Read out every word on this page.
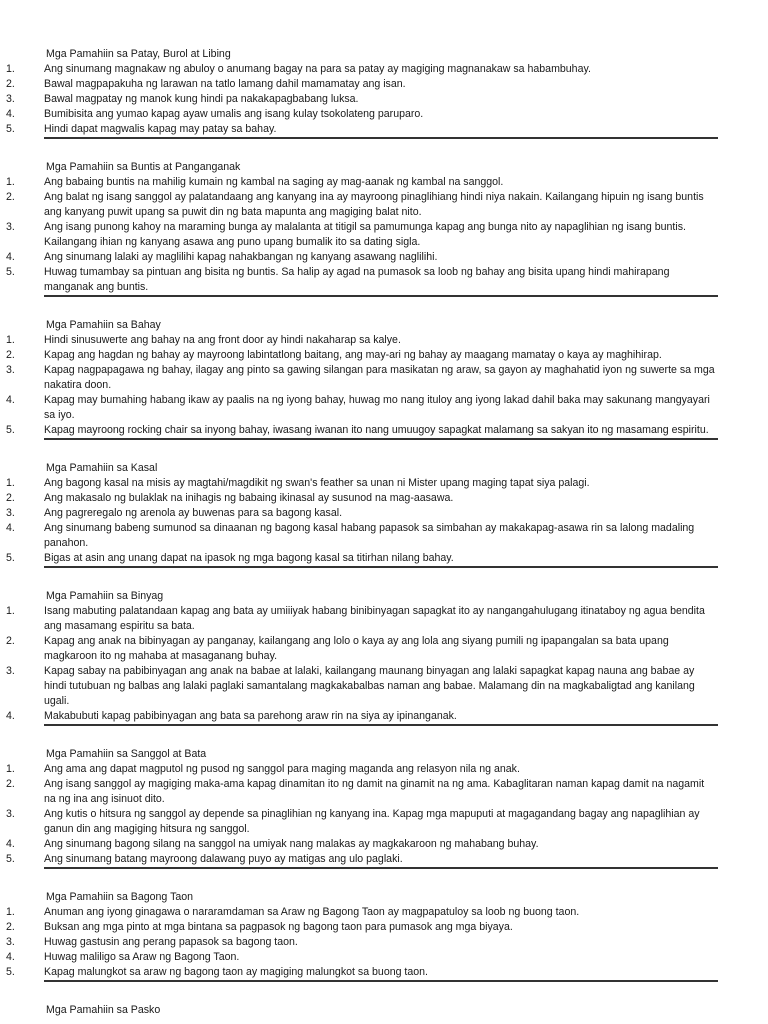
Mga Pamahiin sa Patay, Burol at Libing
1.	Ang sinumang magnakaw ng abuloy o anumang bagay na para sa patay ay magiging magnanakaw sa habambuhay.
2.	Bawal magpapakuha ng larawan na tatlo lamang dahil mamamatay ang isan.
3.	Bawal magpatay ng manok kung hindi pa nakakapagbabang luksa.
4.	Bumibisita ang yumao kapag ayaw umalis ang isang kulay tsokolateng paruparo.
5.	Hindi dapat magwalis kapag may patay sa bahay.
Mga Pamahiin sa Buntis at Panganganak
1.	Ang babaing buntis na mahilig kumain ng kambal na saging ay mag-aanak ng kambal na sanggol.
2.	Ang balat ng isang sanggol ay palatandaang ang kanyang ina ay mayroong pinaglihiang hindi niya nakain. Kailangang hipuin ng isang buntis ang kanyang puwit upang sa puwit din ng bata mapunta ang magiging balat nito.
3.	Ang isang punong kahoy na maraming bunga ay malalanta at titigil sa pamumunga kapag ang bunga nito ay napaglihian ng isang buntis. Kailangang ihian ng kanyang asawa ang puno upang bumalik ito sa dating sigla.
4.	Ang sinumang lalaki ay maglilihi kapag nahakbangan ng kanyang asawang naglilihi.
5.	Huwag tumambay sa pintuan ang bisita ng buntis. Sa halip ay agad na pumasok sa loob ng bahay ang bisita upang hindi mahirapang manganak ang buntis.
Mga Pamahiin sa Bahay
1.	Hindi sinusuwerte ang bahay na ang front door ay hindi nakaharap sa kalye.
2.	Kapag ang hagdan ng bahay ay mayroong labintatlong baitang, ang may-ari ng bahay ay maagang mamatay o kaya ay maghihirap.
3.	Kapag nagpapagawa ng bahay, ilagay ang pinto sa gawing silangan para masikatan ng araw, sa gayon ay maghahatid iyon ng suwerte sa mga nakatira doon.
4.	Kapag may bumahing habang ikaw ay paalis na ng iyong bahay, huwag mo nang ituloy ang iyong lakad dahil baka may sakunang mangyayari sa iyo.
5.	Kapag mayroong rocking chair sa inyong bahay, iwasang iwanan ito nang umuugoy sapagkat malamang sa sakyan ito ng masamang espiritu.
Mga Pamahiin sa Kasal
1.	Ang bagong kasal na misis ay magtahi/magdikit ng swan's feather sa unan ni Mister upang maging tapat siya palagi.
2.	Ang makasalo ng bulaklak na inihagis ng babaing ikinasal ay susunod na mag-aasawa.
3.	Ang pagreregalo ng arenola ay buwenas para sa bagong kasal.
4.	Ang sinumang babeng sumunod sa dinaanan ng bagong kasal habang papasok sa simbahan ay makakapag-asawa rin sa lalong madaling panahon.
5.	Bigas at asin ang unang dapat na ipasok ng mga bagong kasal sa titirhan nilang bahay.
Mga Pamahiin sa Binyag
1.	Isang mabuting palatandaan kapag ang bata ay umiiiyak habang binibinyagan sapagkat ito ay nangangahulugang itinataboy ng agua bendita ang masamang espiritu sa bata.
2.	Kapag ang anak na bibinyagan ay panganay, kailangang ang lolo o kaya ay ang lola ang siyang pumili ng ipapangalan sa bata upang magkaroon ito ng mahaba at masaganang buhay.
3.	Kapag sabay na pabibinyagan ang anak na babae at lalaki, kailangang maunang binyagan ang lalaki sapagkat kapag nauna ang babae ay hindi tutubuan ng balbas ang lalaki paglaki samantalang magkakabalbas naman ang babae. Malamang din na magkabaligtad ang kanilang ugali.
4.	Makabubuti kapag pabibinyagan ang bata sa parehong araw rin na siya ay ipinanganak.
Mga Pamahiin sa Sanggol at Bata
1.	Ang ama ang dapat magputol ng pusod ng sanggol para maging maganda ang relasyon nila ng anak.
2.	Ang isang sanggol ay magiging maka-ama kapag dinamitan ito ng damit na ginamit na ng ama. Kabaglitaran naman kapag damit na nagamit na ng ina ang isinuot dito.
3.	Ang kutis o hitsura ng sanggol ay depende sa pinaglihian ng kanyang ina. Kapag mga mapuputi at magagandang bagay ang napaglihian ay ganun din ang magiging hitsura ng sanggol.
4.	Ang sinumang bagong silang na sanggol na umiyak nang malakas ay magkakaroon ng mahabang buhay.
5.	Ang sinumang batang mayroong dalawang puyo ay matigas ang ulo paglaki.
Mga Pamahiin sa Bagong Taon
1.	Anuman ang iyong ginagawa o nararamdaman sa Araw ng Bagong Taon ay magpapatuloy sa loob ng buong taon.
2.	Buksan ang mga pinto at mga bintana sa pagpasok ng bagong taon para pumasok ang mga biyaya.
3.	Huwag gastusin ang perang papasok sa bagong taon.
4.	Huwag maliligo sa Araw ng Bagong Taon.
5.	Kapag malungkot sa araw ng bagong taon ay magiging malungkot sa buong taon.
Mga Pamahiin sa Pasko
